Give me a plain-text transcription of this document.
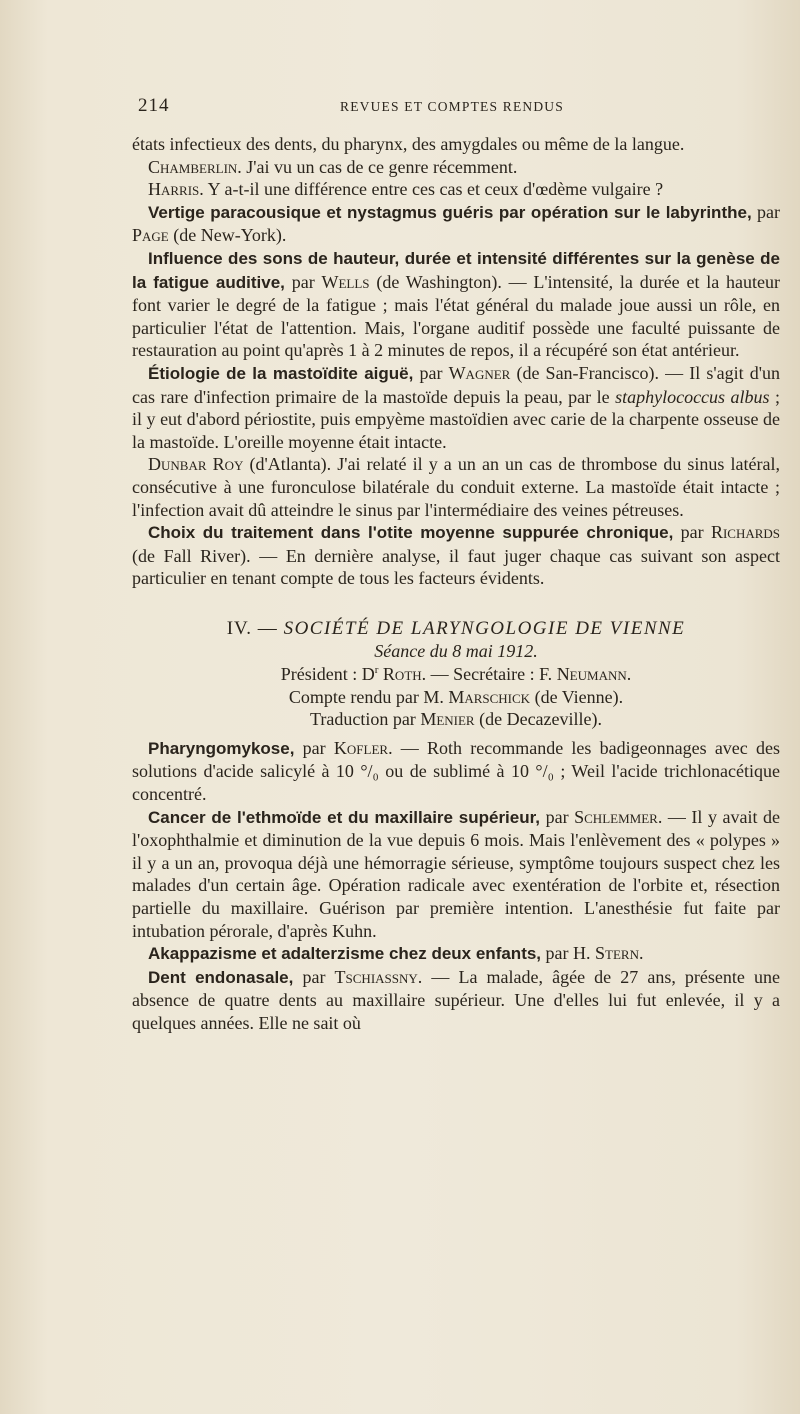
214	REVUES ET COMPTES RENDUS

états infectieux des dents, du pharynx, des amygdales ou même de la langue.

Chamberlin. J'ai vu un cas de ce genre récemment.

Harris. Y a-t-il une différence entre ces cas et ceux d'œdème vulgaire ?

Vertige paracousique et nystagmus guéris par opération sur le labyrinthe, par Page (de New-York).

Influence des sons de hauteur, durée et intensité différentes sur la genèse de la fatigue auditive, par Wells (de Washington). — L'intensité, la durée et la hauteur font varier le degré de la fatigue ; mais l'état général du malade joue aussi un rôle, en particulier l'état de l'attention. Mais, l'organe auditif possède une faculté puissante de restauration au point qu'après 1 à 2 minutes de repos, il a récupéré son état antérieur.

Étiologie de la mastoïdite aiguë, par Wagner (de San-Francisco). — Il s'agit d'un cas rare d'infection primaire de la mastoïde depuis la peau, par le staphylococcus albus ; il y eut d'abord périostite, puis empyème mastoïdien avec carie de la charpente osseuse de la mastoïde. L'oreille moyenne était intacte.

Dunbar Roy (d'Atlanta). J'ai relaté il y a un an un cas de thrombose du sinus latéral, consécutive à une furonculose bilatérale du conduit externe. La mastoïde était intacte ; l'infection avait dû atteindre le sinus par l'intermédiaire des veines pétreuses.

Choix du traitement dans l'otite moyenne suppurée chronique, par Richards (de Fall River). — En dernière analyse, il faut juger chaque cas suivant son aspect particulier en tenant compte de tous les facteurs évidents.

IV. — SOCIÉTÉ DE LARYNGOLOGIE DE VIENNE

Séance du 8 mai 1912.

Président : $D^r$ Roth. — Secrétaire : F. Neumann.

Compte rendu par M. Marschick (de Vienne).

Traduction par Menier (de Decazeville).

Pharyngomykose, par Kofler. — Roth recommande les badigeonnages avec des solutions d'acide salicylé à 10 °/₀ ou de sublimé à 10 °/₀ ; Weil l'acide trichlonacétique concentré.

Cancer de l'ethmoïde et du maxillaire supérieur, par Schlemmer. — Il y avait de l'oxophthalmie et diminution de la vue depuis 6 mois. Mais l'enlèvement des « polypes » il y a un an, provoqua déjà une hémorragie sérieuse, symptôme toujours suspect chez les malades d'un certain âge. Opération radicale avec exentération de l'orbite et, résection partielle du maxillaire. Guérison par première intention. L'anesthésie fut faite par intubation pérorale, d'après Kuhn.

Akappazisme et adalterzisme chez deux enfants, par H. Stern.

Dent endonasale, par Tschiassny. — La malade, âgée de 27 ans, présente une absence de quatre dents au maxillaire supérieur. Une d'elles lui fut enlevée, il y a quelques années. Elle ne sait où
